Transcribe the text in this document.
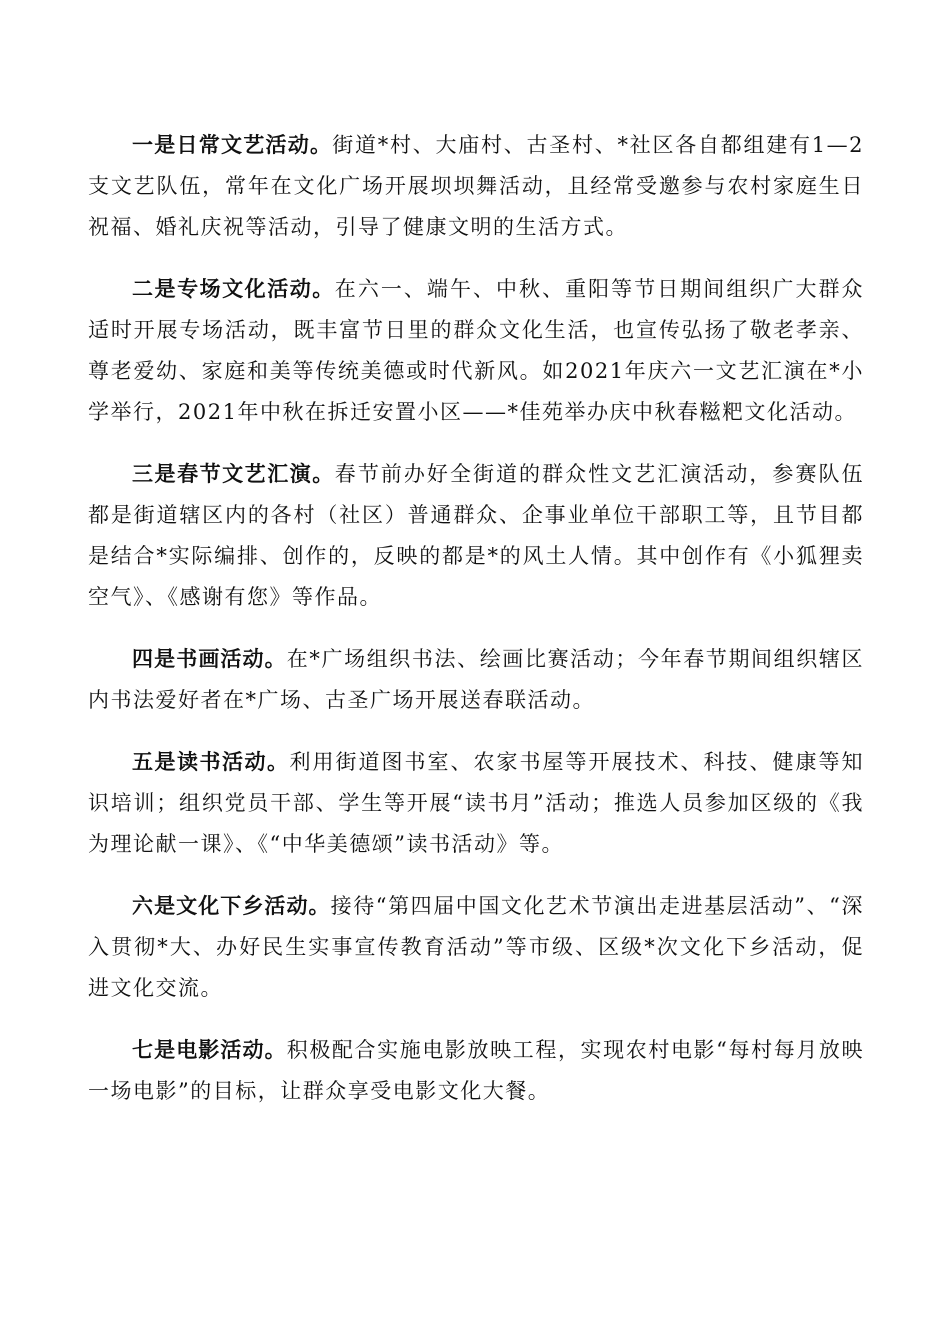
一是日常文艺活动。街道*村、大庙村、古圣村、*社区各自都组建有1—2支文艺队伍，常年在文化广场开展坝坝舞活动，且经常受邀参与农村家庭生日祝福、婚礼庆祝等活动，引导了健康文明的生活方式。

二是专场文化活动。在六一、端午、中秋、重阳等节日期间组织广大群众适时开展专场活动，既丰富节日里的群众文化生活，也宣传弘扬了敬老孝亲、尊老爱幼、家庭和美等传统美德或时代新风。如2021年庆六一文艺汇演在*小学举行，2021年中秋在拆迁安置小区——*佳苑举办庆中秋春糍粑文化活动。

三是春节文艺汇演。春节前办好全街道的群众性文艺汇演活动，参赛队伍都是街道辖区内的各村（社区）普通群众、企事业单位干部职工等，且节目都是结合*实际编排、创作的，反映的都是*的风土人情。其中创作有《小狐狸卖空气》、《感谢有您》等作品。

四是书画活动。在*广场组织书法、绘画比赛活动；今年春节期间组织辖区内书法爱好者在*广场、古圣广场开展送春联活动。

五是读书活动。利用街道图书室、农家书屋等开展技术、科技、健康等知识培训；组织党员干部、学生等开展“读书月”活动；推选人员参加区级的《我为理论献一课》、《“中华美德颂”读书活动》等。

六是文化下乡活动。接待“第四届中国文化艺术节演出走进基层活动”、“深入贯彻*大、办好民生实事宣传教育活动”等市级、区级*次文化下乡活动，促进文化交流。

七是电影活动。积极配合实施电影放映工程，实现农村电影“每村每月放映一场电影”的目标，让群众享受电影文化大餐。
